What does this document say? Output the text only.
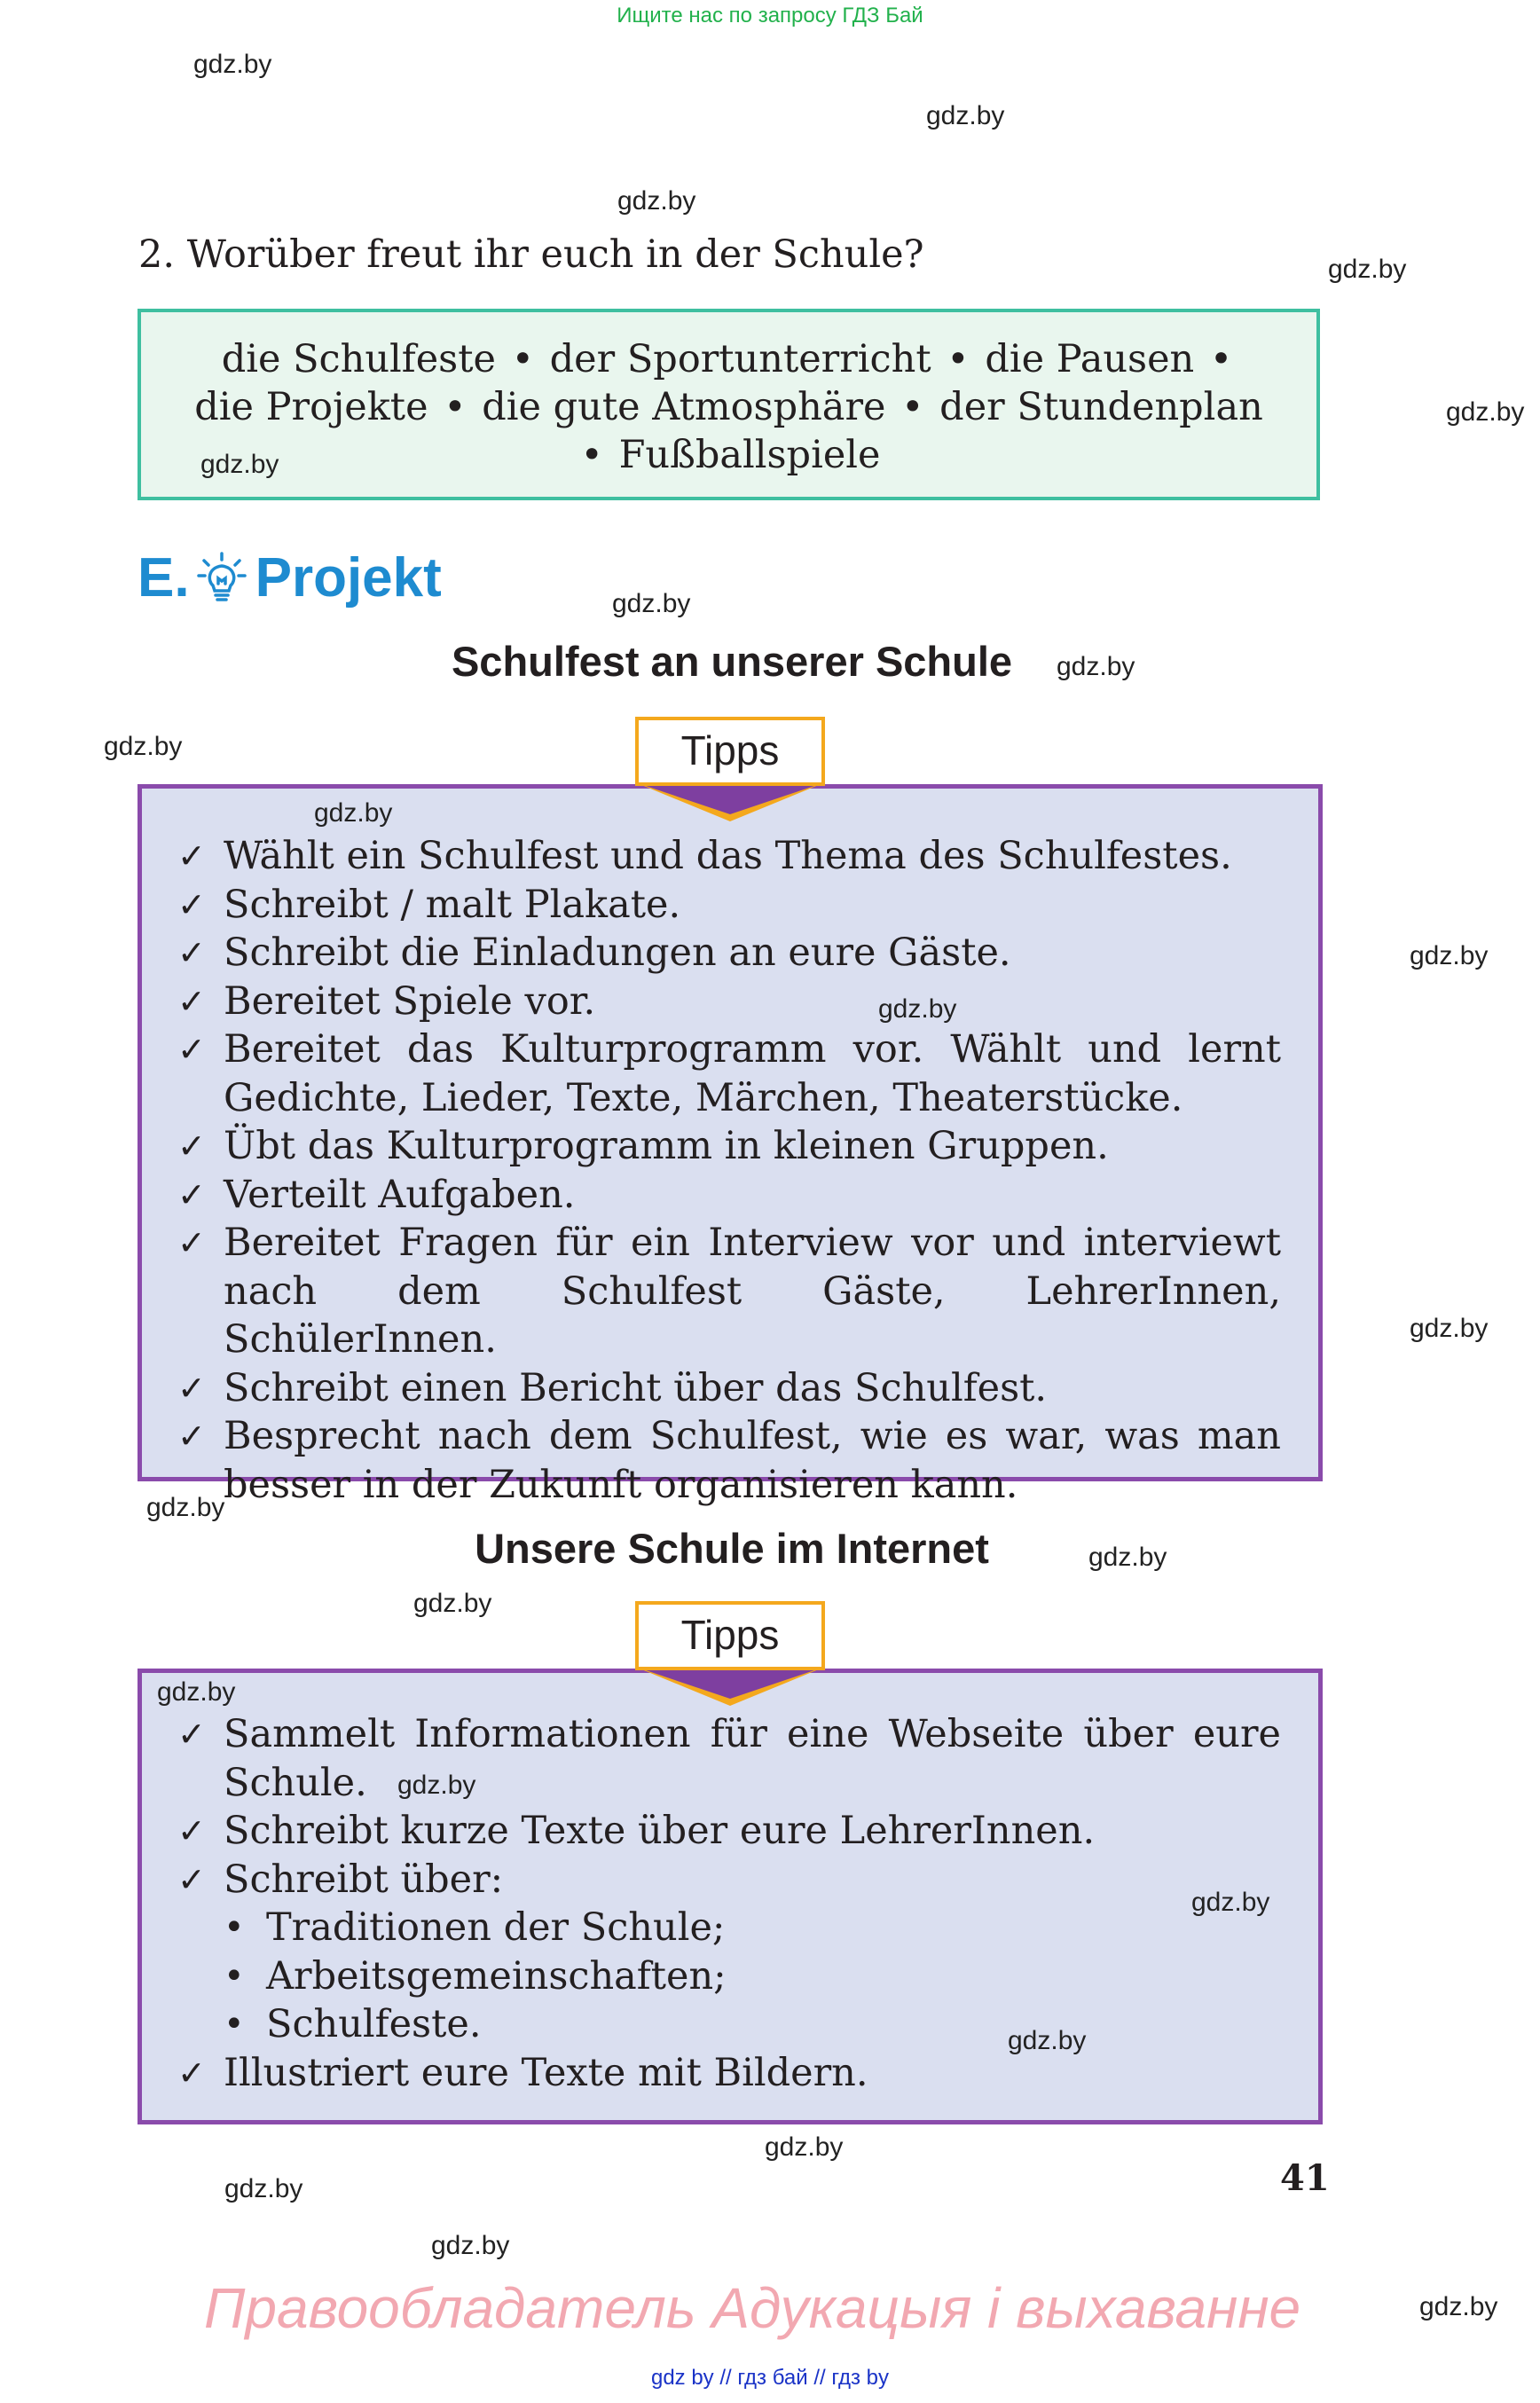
Ищите нас по запросу ГДЗ Бай
gdz.by
gdz.by
gdz.by
gdz.by
gdz.by
gdz.by
gdz.by
gdz.by
gdz.by
gdz.by
gdz.by
gdz.by
gdz.by
gdz.by
gdz.by
gdz.by
gdz.by
gdz.by
gdz.by
gdz.by
gdz.by
gdz.by
gdz.by
gdz.by
2. Worüber freut ihr euch in der Schule?
die Schulfeste • der Sportunterricht • die Pausen •
die Projekte • die gute Atmosphäre • der Stundenplan
• Fußballspiele
E. Projekt
Schulfest an unserer Schule
Tipps
✓ Wählt ein Schulfest und das Thema des Schulfestes.
✓ Schreibt / malt Plakate.
✓ Schreibt die Einladungen an eure Gäste.
✓ Bereitet Spiele vor.
✓ Bereitet das Kulturprogramm vor. Wählt und lernt Gedichte, Lieder, Texte, Märchen, Theaterstücke.
✓ Übt das Kulturprogramm in kleinen Gruppen.
✓ Verteilt Aufgaben.
✓ Bereitet Fragen für ein Interview vor und interviewt nach dem Schulfest Gäste, LehrerInnen, SchülerInnen.
✓ Schreibt einen Bericht über das Schulfest.
✓ Besprecht nach dem Schulfest, wie es war, was man besser in der Zukunft organisieren kann.
Unsere Schule im Internet
Tipps
✓ Sammelt Informationen für eine Webseite über eure Schule.
✓ Schreibt kurze Texte über eure LehrerInnen.
✓ Schreibt über:
• Traditionen der Schule;
• Arbeitsgemeinschaften;
• Schulfeste.
✓ Illustriert eure Texte mit Bildern.
41
Правообладатель Адукацыя і выхаванне
gdz by // гдз бай // гдз by
